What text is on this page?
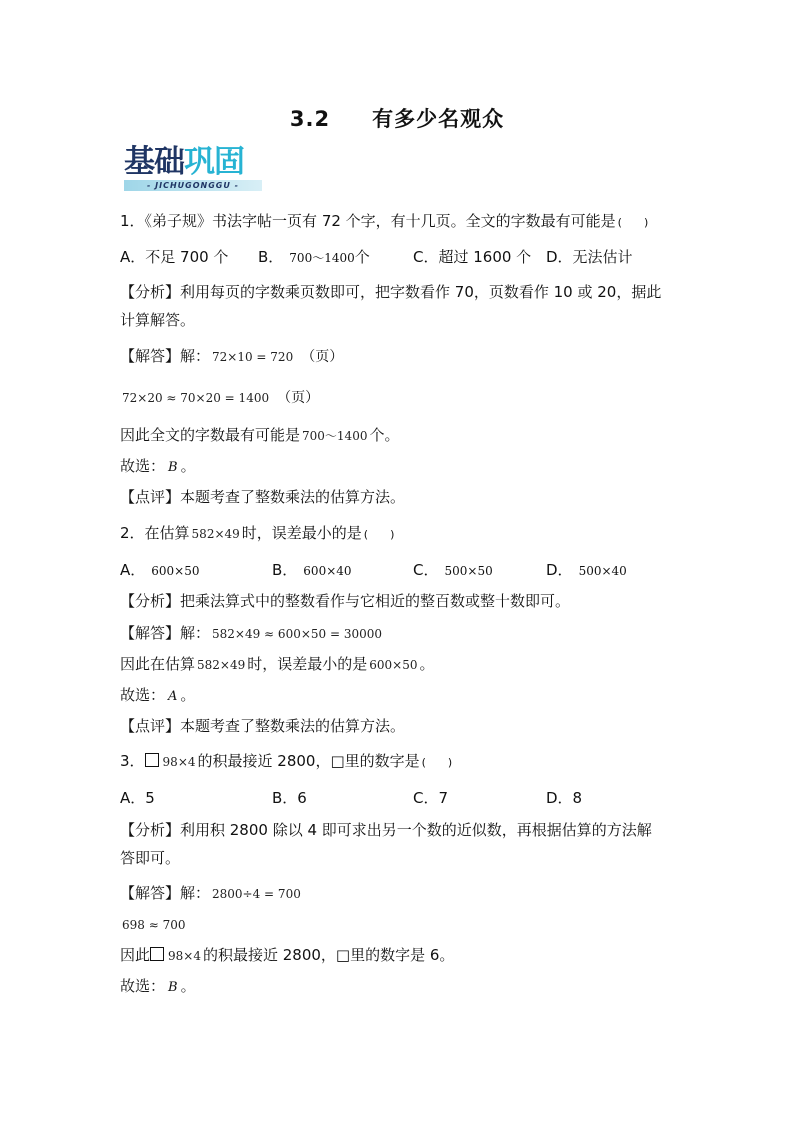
3.2 有多少名观众
基础巩固
- JICHUGONGGU -
1．《弟子规》书法字帖一页有 72 个字，有十几页。全文的字数最有可能是 (　　)
A．不足 700 个 B． 700～1400个	C．超过 1600 个 D．无法估计
【分析】利用每页的字数乘页数即可，把字数看作 70，页数看作 10 或 20，据此
计算解答。
【解答】解： 72×10 = 720 （页）
72×20 ≈ 70×20 = 1400 （页）
因此全文的字数最有可能是 700～1400 个。
故选： B 。
【点评】本题考查了整数乘法的估算方法。
2．在估算 582×49 时，误差最小的是 (　　)
A． 600×50	B． 600×40	C． 500×50	D． 500×40
【分析】把乘法算式中的整数看作与它相近的整百数或整十数即可。
【解答】解： 582×49 ≈ 600×50 = 30000
因此在估算 582×49 时，误差最小的是 600×50 。
故选： A 。
【点评】本题考查了整数乘法的估算方法。
3． 98×4 的积最接近 2800，□里的数字是 (　　)
A．5	B．6	C．7	D．8
【分析】利用积 2800 除以 4 即可求出另一个数的近似数，再根据估算的方法解
答即可。
【解答】解： 2800÷4 = 700
698 ≈ 700
因此 98×4 的积最接近 2800，□里的数字是 6。
故选： B 。
